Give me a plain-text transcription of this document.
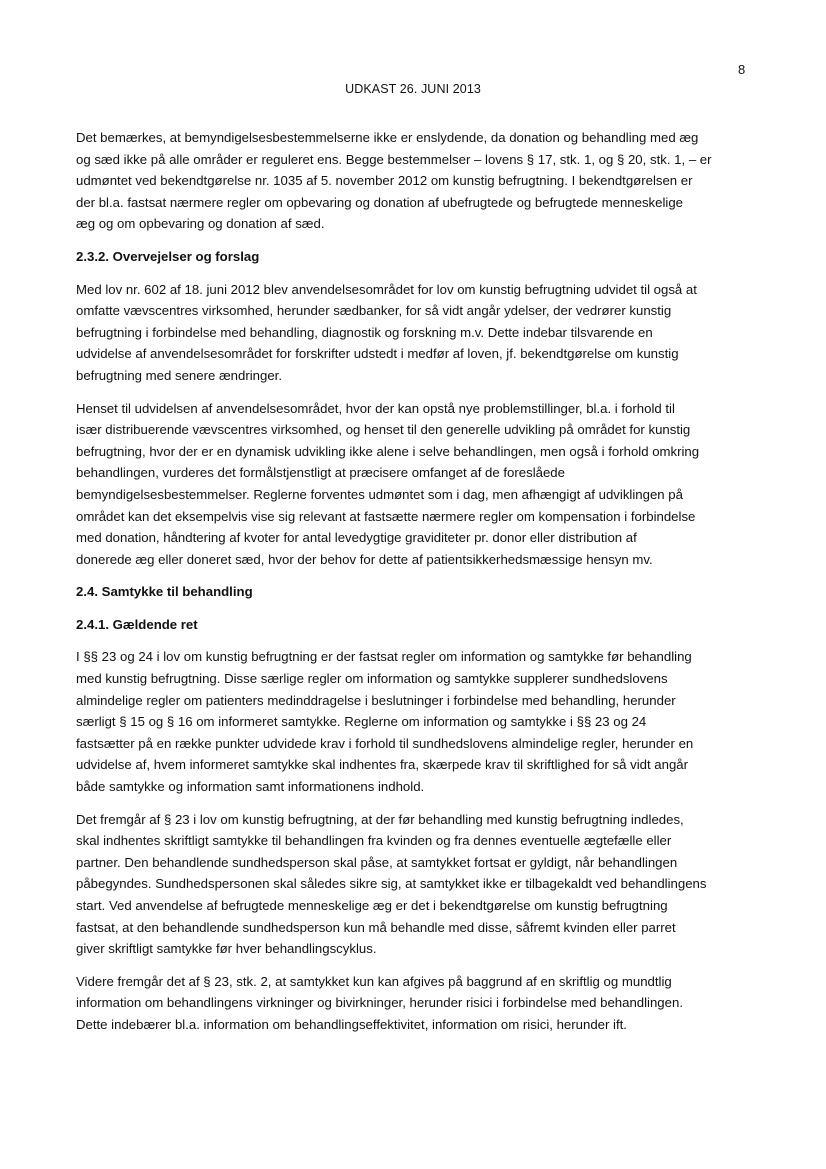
8
UDKAST 26. JUNI 2013
Det bemærkes, at bemyndigelsesbestemmelserne ikke er enslydende, da donation og behandling med æg
og sæd ikke på alle områder er reguleret ens. Begge bestemmelser – lovens § 17, stk. 1, og § 20, stk. 1, – er
udmøntet ved bekendtgørelse nr. 1035 af 5. november 2012 om kunstig befrugtning. I bekendtgørelsen er
der bl.a. fastsat nærmere regler om opbevaring og donation af ubefrugtede og befrugtede menneskelige
æg og om opbevaring og donation af sæd.
2.3.2. Overvejelser og forslag
Med lov nr. 602 af 18. juni 2012 blev anvendelsesområdet for lov om kunstig befrugtning udvidet til også at
omfatte vævscentres virksomhed, herunder sædbanker, for så vidt angår ydelser, der vedrører kunstig
befrugtning i forbindelse med behandling, diagnostik og forskning m.v. Dette indebar tilsvarende en
udvidelse af anvendelsesområdet for forskrifter udstedt i medfør af loven, jf. bekendtgørelse om kunstig
befrugtning med senere ændringer.
Henset til udvidelsen af anvendelsesområdet, hvor der kan opstå nye problemstillinger, bl.a. i forhold til
især distribuerende vævscentres virksomhed, og henset til den generelle udvikling på området for kunstig
befrugtning, hvor der er en dynamisk udvikling ikke alene i selve behandlingen, men også i forhold omkring
behandlingen, vurderes det formålstjenstligt at præcisere omfanget af de foreslåede
bemyndigelsesbestemmelser. Reglerne forventes udmøntet som i dag, men afhængigt af udviklingen på
området kan det eksempelvis vise sig relevant at fastsætte nærmere regler om kompensation i forbindelse
med donation, håndtering af kvoter for antal levedygtige graviditeter pr. donor eller distribution af
donerede æg eller doneret sæd, hvor der behov for dette af patientsikkerhedsmæssige hensyn mv.
2.4. Samtykke til behandling
2.4.1. Gældende ret
I §§ 23 og 24 i lov om kunstig befrugtning er der fastsat regler om information og samtykke før behandling
med kunstig befrugtning. Disse særlige regler om information og samtykke supplerer sundhedslovens
almindelige regler om patienters medinddragelse i beslutninger i forbindelse med behandling, herunder
særligt § 15 og § 16 om informeret samtykke. Reglerne om information og samtykke i §§ 23 og 24
fastsætter på en række punkter udvidede krav i forhold til sundhedslovens almindelige regler, herunder en
udvidelse af, hvem informeret samtykke skal indhentes fra, skærpede krav til skriftlighed for så vidt angår
både samtykke og information samt informationens indhold.
Det fremgår af § 23 i lov om kunstig befrugtning, at der før behandling med kunstig befrugtning indledes,
skal indhentes skriftligt samtykke til behandlingen fra kvinden og fra dennes eventuelle ægtefælle eller
partner. Den behandlende sundhedsperson skal påse, at samtykket fortsat er gyldigt, når behandlingen
påbegyndes. Sundhedspersonen skal således sikre sig, at samtykket ikke er tilbagekaldt ved behandlingens
start. Ved anvendelse af befrugtede menneskelige æg er det i bekendtgørelse om kunstig befrugtning
fastsat, at den behandlende sundhedsperson kun må behandle med disse, såfremt kvinden eller parret
giver skriftligt samtykke før hver behandlingscyklus.
Videre fremgår det af § 23, stk. 2, at samtykket kun kan afgives på baggrund af en skriftlig og mundtlig
information om behandlingens virkninger og bivirkninger, herunder risici i forbindelse med behandlingen.
Dette indebærer bl.a. information om behandlingseffektivitet, information om risici, herunder ift.
